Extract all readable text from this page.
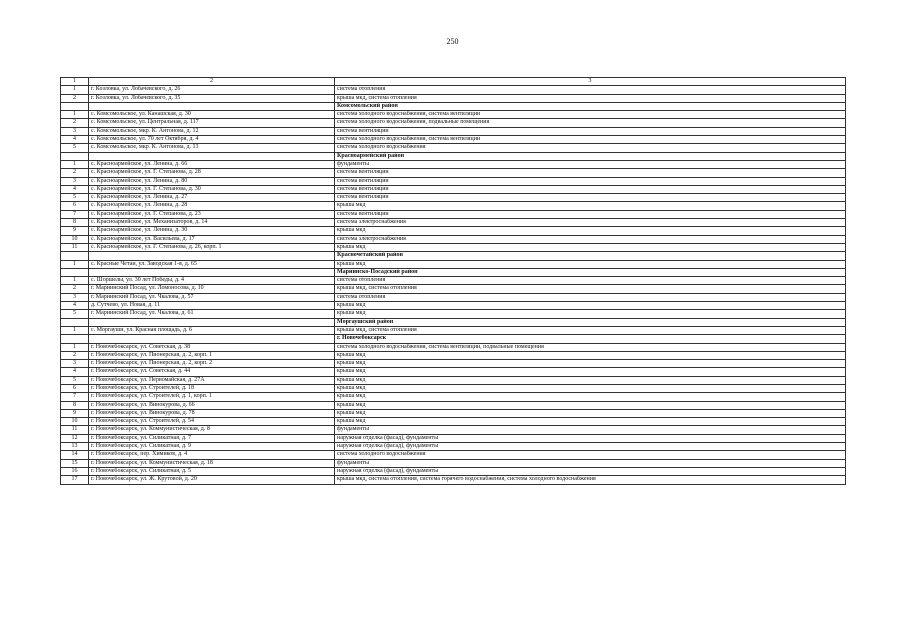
250
1	2	3
1	г. Козловка, ул. Лобачевского, д. 26	система отопления
2	г. Козловка, ул. Лобачевского, д. 35	крыша мкд, система отопления
		Комсомольский район
1	с. Комсомольское, ул. Канашская, д. 30	система холодного водоснабжения, система вентиляции
2	с. Комсомольское, ул. Центральная, д. 117	система холодного водоснабжения, подвальные помещения
3	с. Комсомольское, мкр. К. Антонова, д. 12	система вентиляции
4	с. Комсомольское, ул. 70 лет Октября, д. 4	система холодного водоснабжения, система вентиляции
5	с. Комсомольское, мкр. К. Антонова, д. 13	система холодного водоснабжения
		Красноармейский район
1	с. Красноармейское, ул. Ленина, д. 66	фундаменты
2	с. Красноармейское, ул. Г. Степанова, д. 28	система вентиляции
3	с. Красноармейское, ул. Ленина, д. 80	система вентиляции
4	с. Красноармейское, ул. Г. Степанова, д. 30	система вентиляции
5	с. Красноармейское, ул. Ленина, д. 27	система вентиляции
6	с. Красноармейское, ул. Ленина, д. 28	крыша мкд
7	с. Красноармейское, ул. Г. Степанова, д. 23	система вентиляции
8	с. Красноармейское, ул. Механизаторов, д. 14	система электроснабжения
9	с. Красноармейское, ул. Ленина, д. 30	крыша мкд
10	с. Красноармейское, ул. Васильева, д. 17	система электроснабжения
11	с. Красноармейское, ул. Г. Степанова, д. 26, корп. 1	крыша мкд
		Красночетайский район
1	с. Красные Четаи, ул. Заводская 1-я, д. 65	крыша мкд
		Мариинско-Посадский район
1	с. Шоршелы, ул. 30 лет Победы, д. 4	система отопления
2	г. Мариинский Посад, ул. Ломоносова, д. 10	крыша мкд, система отопления
3	г. Мариинский Посад, ул. Чкалова, д. 57	система отопления
4	д. Сутчево, ул. Новая, д. 11	крыша мкд
5	г. Мариинский Посад, ул. Чкалова, д. 61	крыша мкд
		Моргаушский район
1	с. Моргауши, ул. Красная площадь, д. 6	крыша мкд, система отопления
		г. Новочебоксарск
1	г. Новочебоксарск, ул. Советская, д. 38	система холодного водоснабжения, система вентиляции, подвальные помещения
2	г. Новочебоксарск, ул. Пионерская, д. 2, корп. 1	крыша мкд
3	г. Новочебоксарск, ул. Пионерская, д. 2, корп. 2	крыша мкд
4	г. Новочебоксарск, ул. Советская, д. 44	крыша мкд
5	г. Новочебоксарск, ул. Первомайская, д. 27А	крыша мкд
6	г. Новочебоксарск, ул. Строителей, д. 18	крыша мкд
7	г. Новочебоксарск, ул. Строителей, д. 1, корп. 1	крыша мкд
8	г. Новочебоксарск, ул. Винокурова, д. 66	крыша мкд
9	г. Новочебоксарск, ул. Винокурова, д. 78	крыша мкд
10	г. Новочебоксарск, ул. Строителей, д. 54	крыша мкд
11	г. Новочебоксарск, ул. Коммунистическая, д. 8	фундаменты
12	г. Новочебоксарск, ул. Силикатная, д. 7	наружная отделка (фасад), фундаменты
13	г. Новочебоксарск, ул. Силикатная, д. 9	наружная отделка (фасад), фундаменты
14	г. Новочебоксарск, пер. Химиков, д. 4	система холодного водоснабжения
15	г. Новочебоксарск, ул. Коммунистическая, д. 18	фундаменты
16	г. Новочебоксарск, ул. Силикатная, д. 5	наружная отделка (фасад), фундаменты
17	г. Новочебоксарск, ул. Ж. Крутовой, д. 20	крыша мкд, система отопления, система горячего водоснабжения, система холодного водоснабжения
